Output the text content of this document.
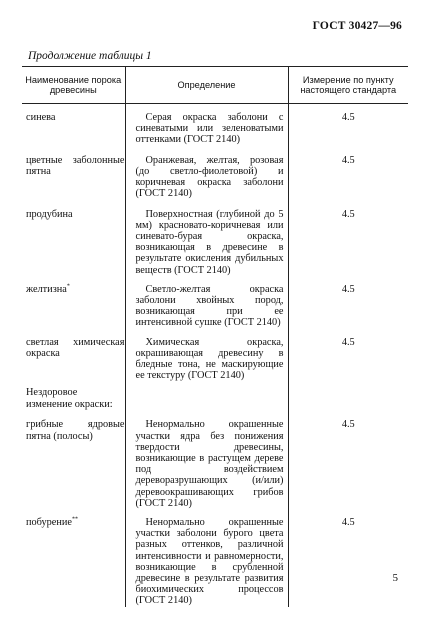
ГОСТ 30427—96
Продолжение таблицы 1
Наименование порока древесины	Определение	Измерение по пункту настоящего стандарта
синева	Серая окраска заболони с синеватыми или зеленоватыми оттенками (ГОСТ 2140)	4.5
цветные заболонные пятна	Оранжевая, желтая, розовая (до светло-фиолетовой) и коричневая окраска заболони (ГОСТ 2140)	4.5
продубина	Поверхностная (глубиной до 5 мм) красновато-коричневая или синевато-бурая окраска, возникающая в древесине в результате окисления дубильных веществ (ГОСТ 2140)	4.5
желтизна*	Светло-желтая окраска заболони хвойных пород, возникающая при ее интенсивной сушке (ГОСТ 2140)	4.5
светлая химическая окраска	Химическая окраска, окрашивающая древесину в бледные тона, не маскирующие ее текстуру (ГОСТ 2140)	4.5
Нездоровое изменение окраски:		
грибные ядровые пятна (полосы)	Ненормально окрашенные участки ядра без понижения твердости древесины, возникающие в растущем дереве под воздействием дереворазрушающих (и/или) деревоокрашивающих грибов (ГОСТ 2140)	4.5
побурение**	Ненормально окрашенные участки заболони бурого цвета разных оттенков, различной интенсивности и равномерности, возникающие в срубленной древесине в результате развития биохимических процессов (ГОСТ 2140)	4.5
5
